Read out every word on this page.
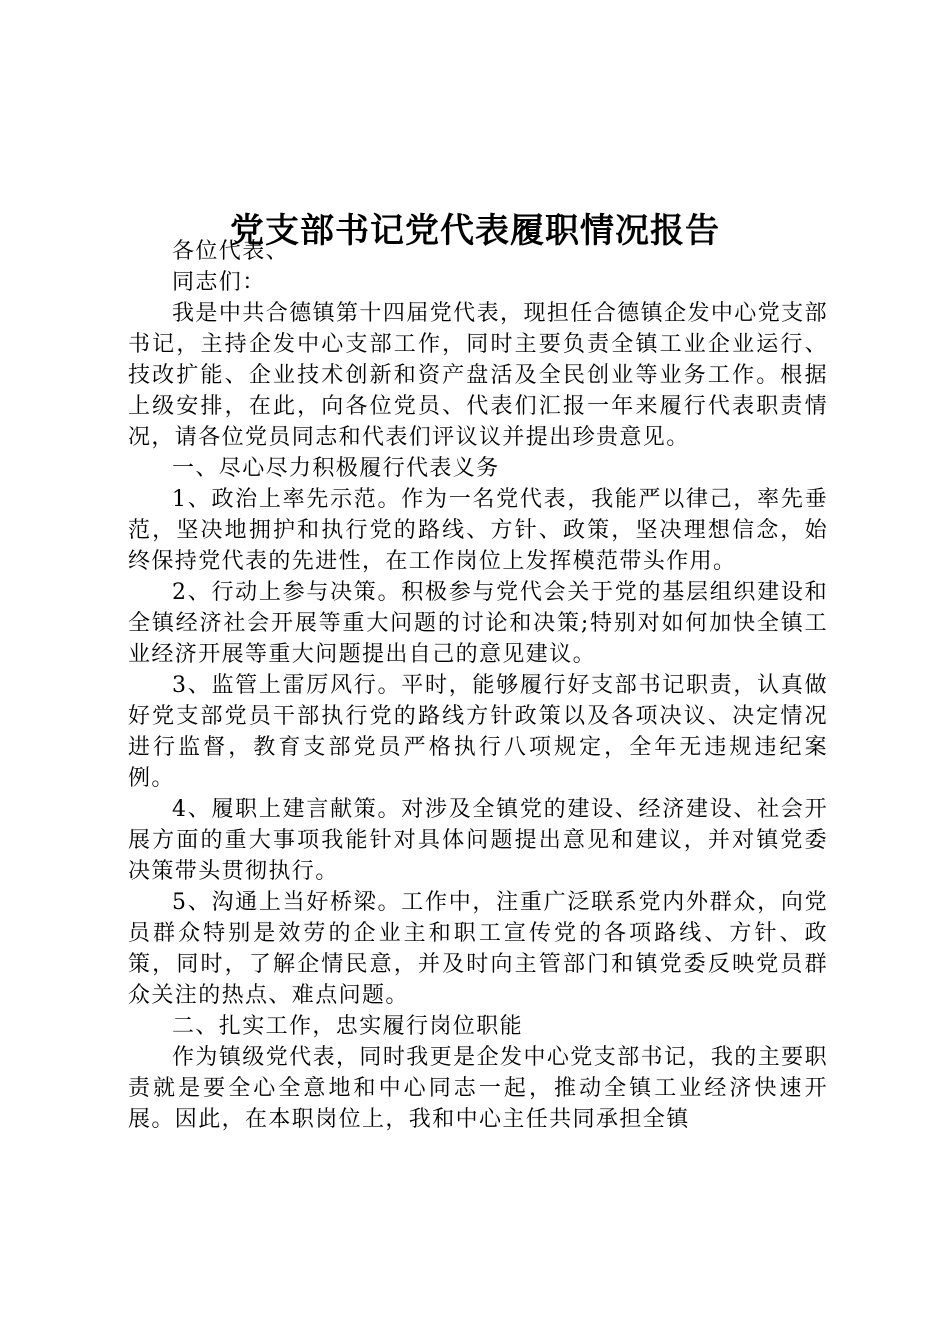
党支部书记党代表履职情况报告

各位代表、

同志们：

我是中共合德镇第十四届党代表，现担任合德镇企发中心党支部书记，主持企发中心支部工作，同时主要负责全镇工业企业运行、技改扩能、企业技术创新和资产盘活及全民创业等业务工作。根据上级安排，在此，向各位党员、代表们汇报一年来履行代表职责情况，请各位党员同志和代表们评议议并提出珍贵意见。

一、尽心尽力积极履行代表义务

1、政治上率先示范。作为一名党代表，我能严以律己，率先垂范，坚决地拥护和执行党的路线、方针、政策，坚决理想信念，始终保持党代表的先进性，在工作岗位上发挥模范带头作用。

2、行动上参与决策。积极参与党代会关于党的基层组织建设和全镇经济社会开展等重大问题的讨论和决策;特别对如何加快全镇工业经济开展等重大问题提出自己的意见建议。

3、监管上雷厉风行。平时，能够履行好支部书记职责，认真做好党支部党员干部执行党的路线方针政策以及各项决议、决定情况进行监督，教育支部党员严格执行八项规定，全年无违规违纪案例。

4、履职上建言献策。对涉及全镇党的建设、经济建设、社会开展方面的重大事项我能针对具体问题提出意见和建议，并对镇党委决策带头贯彻执行。

5、沟通上当好桥梁。工作中，注重广泛联系党内外群众，向党员群众特别是效劳的企业主和职工宣传党的各项路线、方针、政策，同时，了解企情民意，并及时向主管部门和镇党委反映党员群众关注的热点、难点问题。

二、扎实工作，忠实履行岗位职能

作为镇级党代表，同时我更是企发中心党支部书记，我的主要职责就是要全心全意地和中心同志一起，推动全镇工业经济快速开展。因此，在本职岗位上，我和中心主任共同承担全镇
